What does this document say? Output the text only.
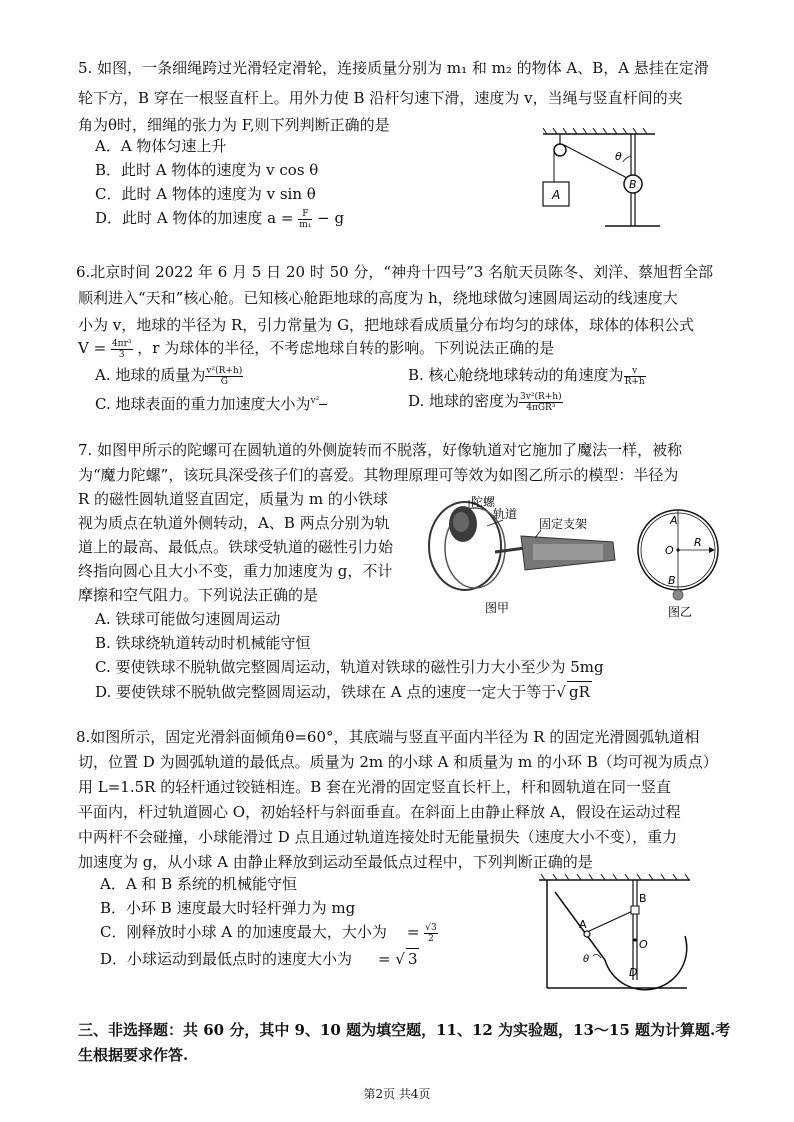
5. 如图，一条细绳跨过光滑轻定滑轮，连接质量分别为 m₁ 和 m₂ 的物体 A、B，A 悬挂在定滑
轮下方，B 穿在一根竖直杆上。用外力使 B 沿杆匀速下滑，速度为 v，当绳与竖直杆间的夹
角为θ时，细绳的张力为 F,则下列判断正确的是
A．A 物体匀速上升
B．此时 A 物体的速度为 v cos θ
C．此时 A 物体的速度为 v sin θ
D．此时 A 物体的加速度 $a = \frac{F}{\text{m₁}} - g$
A
B
θ
6.北京时间 2022 年 6 月 5 日 20 时 50 分，“神舟十四号”3 名航天员陈冬、刘洋、蔡旭哲全部
顺利进入“天和”核心舱。已知核心舱距地球的高度为 h，绕地球做匀速圆周运动的线速度大
小为 v，地球的半径为 R，引力常量为 G，把地球看成质量分布均匀的球体，球体的体积公式
$V = \frac{\text{4πr³}}{3}$ ，r 为球体的半径，不考虑地球自转的影响。下列说法正确的是
A. 地球的质量为 $\frac{\text{v²(R+h)}}{G}$	B. 核心舱绕地球转动的角速度为 $\frac{v}{R+h}$
C. 地球表面的重力加速度大小为$^{v^2}$	D. 地球的密度为 $\frac{\text{3v²(R+h)}}{\text{4πGR³}}$
7. 如图甲所示的陀螺可在圆轨道的外侧旋转而不脱落，好像轨道对它施加了魔法一样，被称
为“魔力陀螺”，该玩具深受孩子们的喜爱。其物理原理可等效为如图乙所示的模型：半径为
R 的磁性圆轨道竖直固定，质量为 m 的小铁球
视为质点在轨道外侧转动，A、B 两点分别为轨
道上的最高、最低点。铁球受轨道的磁性引力始
终指向圆心且大小不变，重力加速度为 g，不计
摩擦和空气阻力。下列说法正确的是
A. 铁球可能做匀速圆周运动
B. 铁球绕轨道转动时机械能守恒
C. 要使铁球不脱轨做完整圆周运动，轨道对铁球的磁性引力大小至少为 5mg
D. 要使铁球不脱轨做完整圆周运动，铁球在 A 点的速度一定大于等于√ gR
陀螺
轨道
固定支架
图甲
A
O
R
B
图乙
8.如图所示，固定光滑斜面倾角θ=60°，其底端与竖直平面内半径为 R 的固定光滑圆弧轨道相
切，位置 D 为圆弧轨道的最低点。质量为 2m 的小球 A 和质量为 m 的小环 B（均可视为质点）
用 L=1.5R 的轻杆通过铰链相连。B 套在光滑的固定竖直长杆上，杆和圆轨道在同一竖直
平面内，杆过轨道圆心 O，初始轻杆与斜面垂直。在斜面上由静止释放 A，假设在运动过程
中两杆不会碰撞，小球能滑过 D 点且通过轨道连接处时无能量损失（速度大小不变），重力
加速度为 g，从小球 A 由静止释放到运动至最低点过程中，下列判断正确的是
A．A 和 B 系统的机械能守恒
B．小环 B 速度最大时轻杆弹力为 mg
C．刚释放时小球 A 的加速度最大，大小为 = $\frac{√3}{2}$
D．小球运动到最低点时的速度大小为 = √ 3
A
B
O
D
θ
三、非选择题：共 60 分，其中 9、10 题为填空题，11、12 为实验题，13～15 题为计算题.考
生根据要求作答.
第2页 共4页
